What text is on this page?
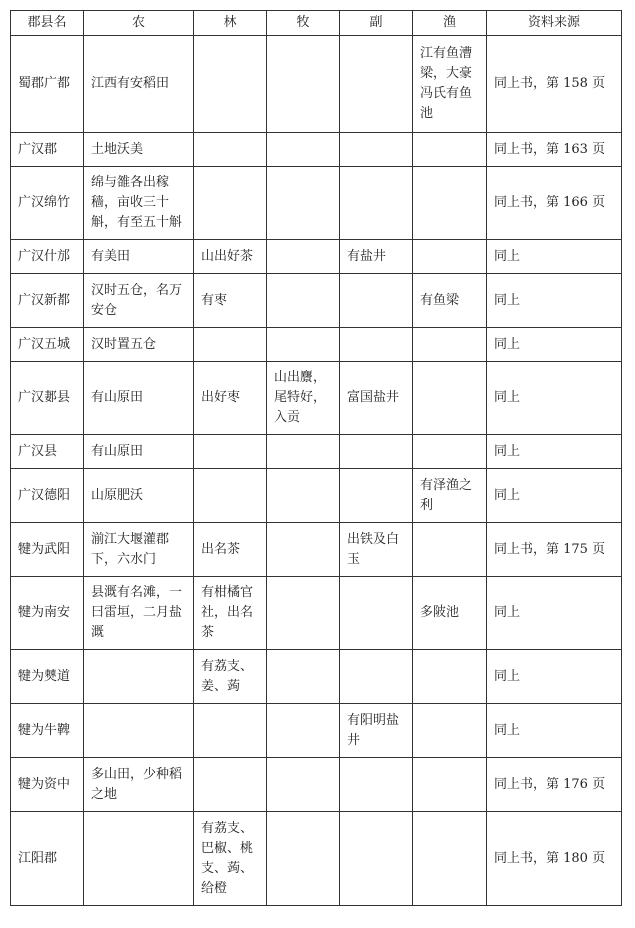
郡县名	农	林	牧	副	渔	资料来源
蜀郡广都	江西有安稻田				江有鱼漕梁，大豪冯氏有鱼池	同上书，第 158 页
广汉郡	土地沃美					同上书，第 163 页
广汉绵竹	绵与雒各出稼穑，亩收三十斛，有至五十斛					同上书，第 166 页
广汉什邡	有美田	山出好茶		有盐井		同上
广汉新都	汉时五仓，名万安仓	有枣			有鱼梁	同上
广汉五城	汉时置五仓					同上
广汉郪县	有山原田	出好枣	山出麖，尾特好，入贡	富国盐井		同上
广汉县	有山原田					同上
广汉德阳	山原肥沃				有泽渔之利	同上
犍为武阳	湔江大堰灌郡下，六水门	出名茶		出铁及白玉		同上书，第 175 页
犍为南安	县溉有名滩，一曰雷垣，二月盐溉	有柑橘官社，出名茶			多陂池	同上
犍为僰道		有荔支、姜、蒟				同上
犍为牛鞞				有阳明盐井		同上
犍为资中	多山田，少种稻之地					同上书，第 176 页
江阳郡		有荔支、巴椒、桃支、蒟、给橙				同上书，第 180 页
